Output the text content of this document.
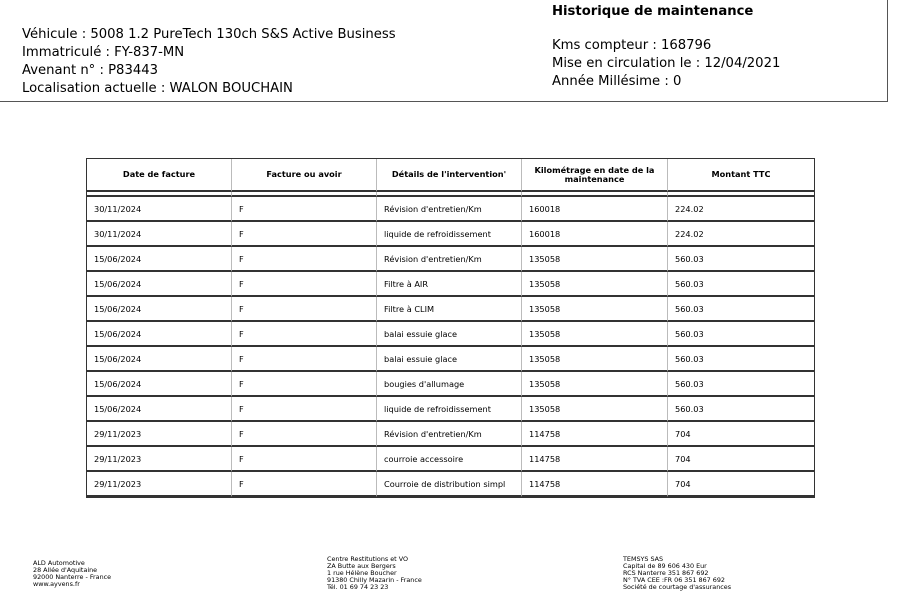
Véhicule : 5008 1.2 PureTech 130ch S&S Active Business
Immatriculé : FY-837-MN
Avenant n° : P83443
Localisation actuelle : WALON BOUCHAIN
Historique de maintenance
Kms compteur : 168796
Mise en circulation le : 12/04/2021
Année Millésime : 0
Date de facture	Facture ou avoir	Détails de l'intervention'	Kilométrage en date de la maintenance	Montant TTC

30/11/2024	F	Révision d'entretien/Km	160018	224.02
30/11/2024	F	liquide de refroidissement	160018	224.02
15/06/2024	F	Révision d'entretien/Km	135058	560.03
15/06/2024	F	Filtre à AIR	135058	560.03
15/06/2024	F	Filtre à CLIM	135058	560.03
15/06/2024	F	balai essuie glace	135058	560.03
15/06/2024	F	balai essuie glace	135058	560.03
15/06/2024	F	bougies d'allumage	135058	560.03
15/06/2024	F	liquide de refroidissement	135058	560.03
29/11/2023	F	Révision d'entretien/Km	114758	704
29/11/2023	F	courroie accessoire	114758	704
29/11/2023	F	Courroie de distribution simpl	114758	704
ALD Automotive
28 Allée d'Aquitaine
92000 Nanterre - France
www.ayvens.fr
Centre Restitutions et VO
ZA Butte aux Bergers
1 rue Hélène Boucher
91380 Chilly Mazarin - France
Tél. 01 69 74 23 23
TEMSYS SAS
Capital de 89 606 430 Eur
RCS Nanterre 351 867 692
N° TVA CEE :FR 06 351 867 692
Société de courtage d'assurances
